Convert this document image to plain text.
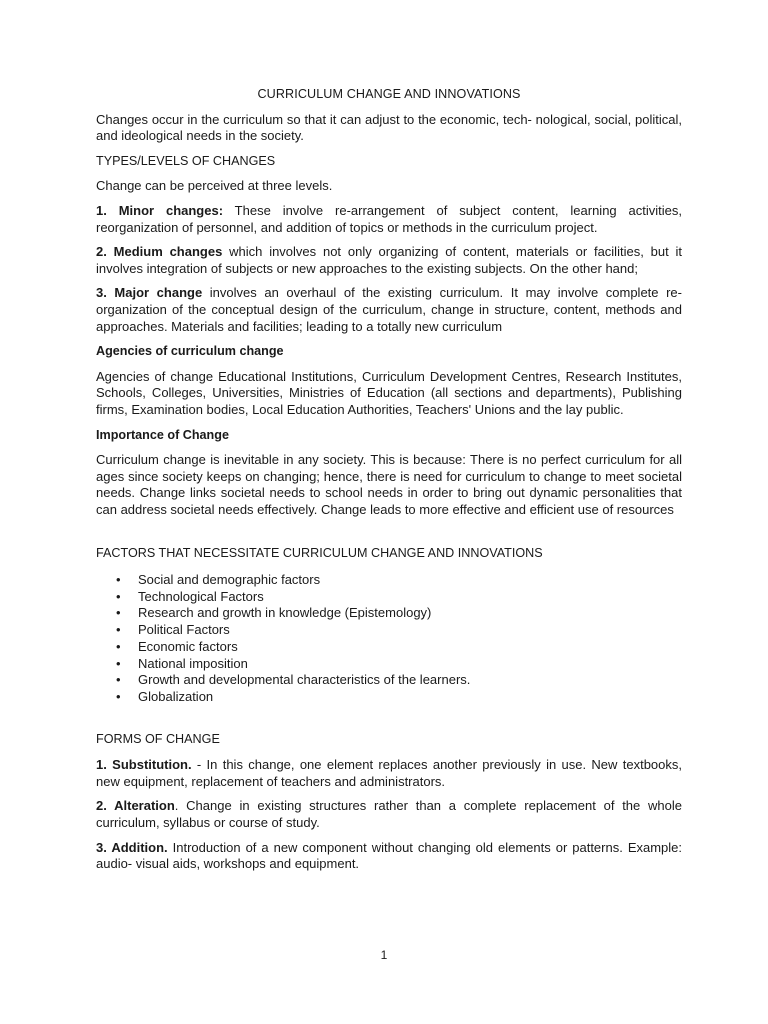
CURRICULUM CHANGE AND INNOVATIONS

Changes occur in the curriculum so that it can adjust to the economic, tech- nological, social, political, and ideological needs in the society.

TYPES/LEVELS OF CHANGES

Change can be perceived at three levels.

1. Minor changes: These involve re-arrangement of subject content, learning activities, reorganization of personnel, and addition of topics or methods in the curriculum project.

2. Medium changes which involves not only organizing of content, materials or facilities, but it involves integration of subjects or new approaches to the existing subjects. On the other hand;

3. Major change involves an overhaul of the existing curriculum. It may involve complete re-organization of the conceptual design of the curriculum, change in structure, content, methods and approaches. Materials and facilities; leading to a totally new curriculum

Agencies of curriculum change

Agencies of change Educational Institutions, Curriculum Development Centres, Research Institutes, Schools, Colleges, Universities, Ministries of Education (all sections and departments), Publishing firms, Examination bodies, Local Education Authorities, Teachers' Unions and the lay public.

Importance of Change

Curriculum change is inevitable in any society. This is because: There is no perfect curriculum for all ages since society keeps on changing; hence, there is need for curriculum to change to meet societal needs. Change links societal needs to school needs in order to bring out dynamic personalities that can address societal needs effectively. Change leads to more effective and efficient use of resources

FACTORS THAT NECESSITATE CURRICULUM CHANGE AND INNOVATIONS
• Social and demographic factors
• Technological Factors
• Research and growth in knowledge (Epistemology)
• Political Factors
• Economic factors
• National imposition
• Growth and developmental characteristics of the learners.
• Globalization
FORMS OF CHANGE

1. Substitution. - In this change, one element replaces another previously in use. New textbooks, new equipment, replacement of teachers and administrators.

2. Alteration. Change in existing structures rather than a complete replacement of the whole curriculum, syllabus or course of study.

3. Addition. Introduction of a new component without changing old elements or patterns. Example: audio- visual aids, workshops and equipment.

1
